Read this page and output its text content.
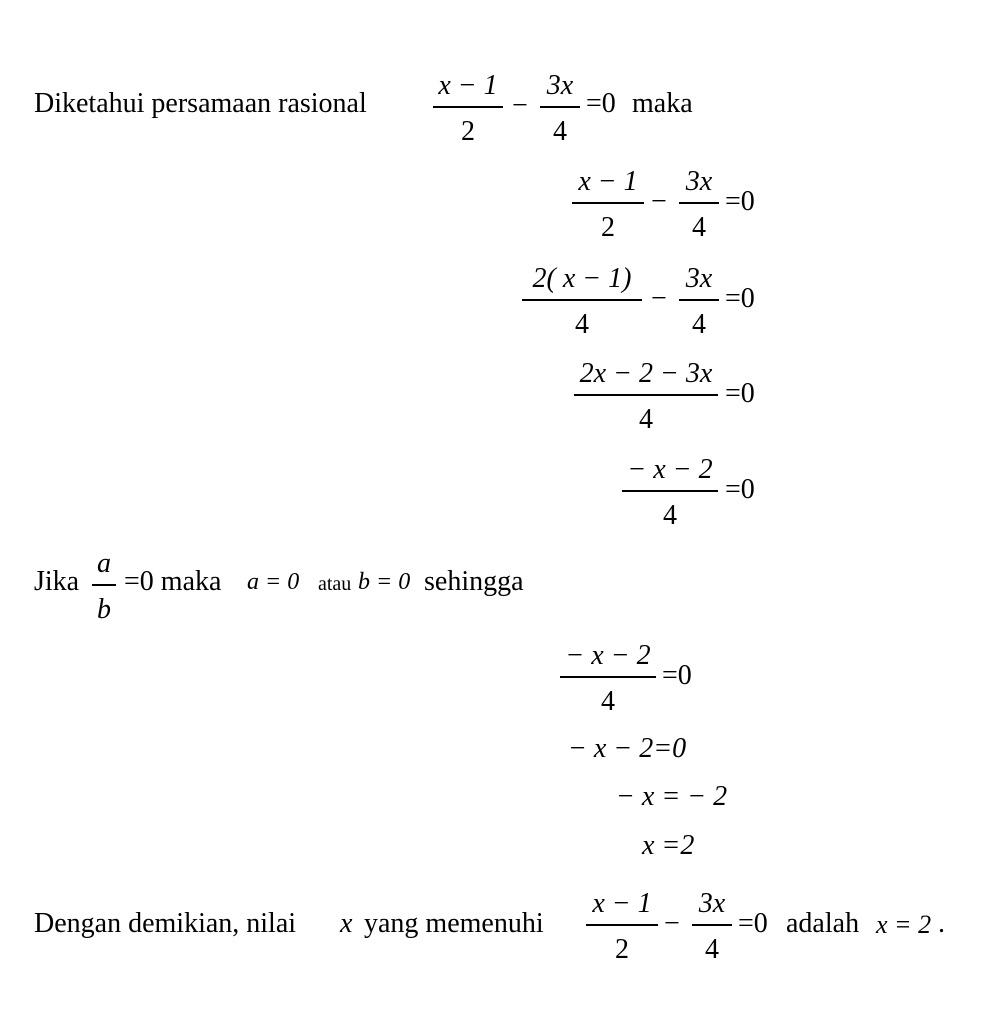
Diketahui persamaan rasional
x − 1
2
−
3x
4
=0 maka
x − 1
2
−
3x
4
=0
2( x − 1)
4
−
3x
4
=0
2x − 2 − 3x
4
=0
− x − 2
4
=0
Jika
a
b
=0 maka a = 0 atau b = 0 sehingga
− x − 2
4
=0
− x − 2=0
− x = − 2
x =2
Dengan demikian, nilai x yang memenuhi
x − 1
2
−
3x
4
=0 adalah x = 2 .
